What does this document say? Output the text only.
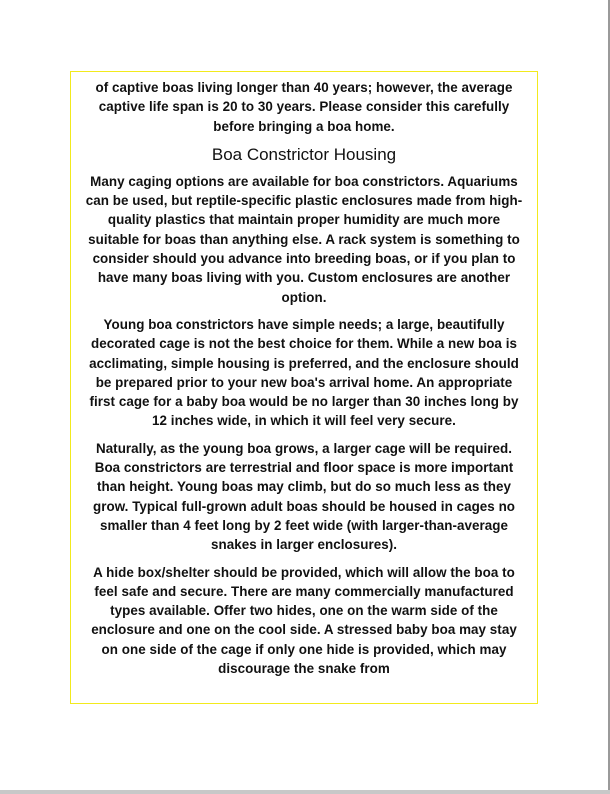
of captive boas living longer than 40 years; however, the average captive life span is 20 to 30 years. Please consider this carefully before bringing a boa home.

Boa Constrictor Housing

Many caging options are available for boa constrictors. Aquariums can be used, but reptile-specific plastic enclosures made from high-quality plastics that maintain proper humidity are much more suitable for boas than anything else. A rack system is something to consider should you advance into breeding boas, or if you plan to have many boas living with you. Custom enclosures are another option.

Young boa constrictors have simple needs; a large, beautifully decorated cage is not the best choice for them. While a new boa is acclimating, simple housing is preferred, and the enclosure should be prepared prior to your new boa's arrival home. An appropriate first cage for a baby boa would be no larger than 30 inches long by 12 inches wide, in which it will feel very secure.

Naturally, as the young boa grows, a larger cage will be required. Boa constrictors are terrestrial and floor space is more important than height. Young boas may climb, but do so much less as they grow. Typical full-grown adult boas should be housed in cages no smaller than 4 feet long by 2 feet wide (with larger-than-average snakes in larger enclosures).

A hide box/shelter should be provided, which will allow the boa to feel safe and secure. There are many commercially manufactured types available. Offer two hides, one on the warm side of the enclosure and one on the cool side. A stressed baby boa may stay on one side of the cage if only one hide is provided, which may discourage the snake from
